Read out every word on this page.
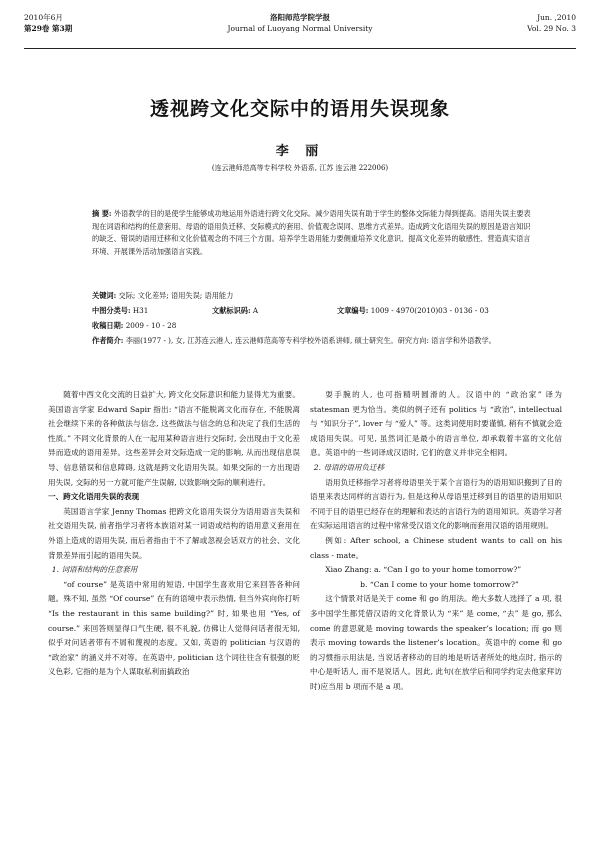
2010年6月
第29卷 第3期
洛阳师范学院学报
Journal of Luoyang Normal University
Jun. ,2010
Vol. 29 No. 3
透视跨文化交际中的语用失误现象
李 丽
(连云港师范高等专科学校 外语系, 江苏 连云港 222006)
摘 要: 外语教学的目的是使学生能够成功地运用外语进行跨文化交际。减少语用失误有助于学生的整体交际能力得到提高。语用失误主要表现在词语和结构的任意套用、母语的语用负迁移、交际模式的套用、价值观念误同、思维方式差异。造成跨文化语用失误的原因是语言知识的缺乏、错误的语用迁移和文化价值观念的不同三个方面。培养学生语用能力要侧重培养文化意识、提高文化差异的敏感性、营造真实语言环境、开展课外活动加强语言实践。
关键词: 交际; 文化差异; 语用失误; 语用能力
中图分类号: H31	文献标识码: A	文章编号: 1009 - 4970(2010)03 - 0136 - 03
收稿日期: 2009 - 10 - 28
作者简介: 李丽(1977 - ), 女, 江苏连云港人, 连云港师范高等专科学校外语系讲师, 硕士研究生。研究方向: 语言学和外语教学。

随着中西文化交流的日益扩大, 跨文化交际意识和能力显得尤为重要。美国语言学家 Edward Sapir 指出: “语言不能脱离文化而存在, 不能脱离社会继续下来的各种做法与信念, 这些做法与信念的总和决定了我们生活的性质。” 不同文化背景的人在一起用某种语言进行交际时, 会出现由于文化差异而造成的语用差异。这些差异会对交际造成一定的影响, 从而出现信息误导、信息错误和信息障碍, 这就是跨文化语用失误。如果交际的一方出现语用失误, 交际的另一方就可能产生误解, 以致影响交际的顺利进行。

一、跨文化语用失误的表现

英国语言学家 Jenny Thomas 把跨文化语用失误分为语用语言失误和社交语用失误, 前者指学习者将本族语对某一词语或结构的语用意义套用在外语上造成的语用失误, 而后者指由于不了解或忽视会话双方的社会、文化背景差异而引起的语用失误。

1. 词语和结构的任意套用

“of course” 是英语中常用的短语, 中国学生喜欢用它来回答各种问题。殊不知, 虽然 “Of course” 在有的语境中表示热情, 但当外宾向你打听 “Is the restaurant in this same building?” 时, 如果也用 “Yes, of course.” 来回答则显得口气生硬, 很不礼貌, 仿佛让人觉得问话者很无知, 似乎对问话者带有不屑和蔑视的态度。又如, 英语的 politician 与汉语的 “政治家” 的涵义并不对等。在英语中, politician 这个词往往含有很强的贬义色彩, 它指的是为个人谋取私利而搞政治

耍手腕的人, 也可指精明圆滑的人。汉语中的 “政治家” 译为 statesman 更为恰当。类似的例子还有 politics 与 “政治”, intellectual 与 “知识分子”, lover 与 “爱人” 等。这类词使用时要谨慎, 稍有不慎就会造成语用失误。可见, 虽然词汇是最小的语言单位, 却承载着丰富的文化信息。英语中的一些词译成汉语时, 它们的意义并非完全相同。

2. 母语的语用负迁移

语用负迁移指学习者将母语里关于某个言语行为的语用知识搬到了目的语里来表达同样的言语行为, 但是这种从母语里迁移到目的语里的语用知识不同于目的语里已经存在的理解和表达的言语行为的语用知识。英语学习者在实际运用语言的过程中常常受汉语文化的影响而套用汉语的语用规则。

例如: After school, a Chinese student wants to call on his class - mate。

Xiao Zhang: a. “Can I go to your home tomorrow?”

b. “Can I come to your home tomorrow?”

这个情景对话是关于 come 和 go 的用法。绝大多数人选择了 a 项, 很多中国学生都凭借汉语的文化背景认为 “来” 是 come, “去” 是 go, 那么 come 的意思就是 moving towards the speaker’s location; 而 go 则表示 moving towards the listener’s location。英语中的 come 和 go 的习惯指示用法是, 当说话者移动的目的地是听话者所处的地点时, 指示的中心是听话人, 而不是说话人。因此, 此句(在放学后和同学约定去他家拜访时)应当用 b 项而不是 a 项。
